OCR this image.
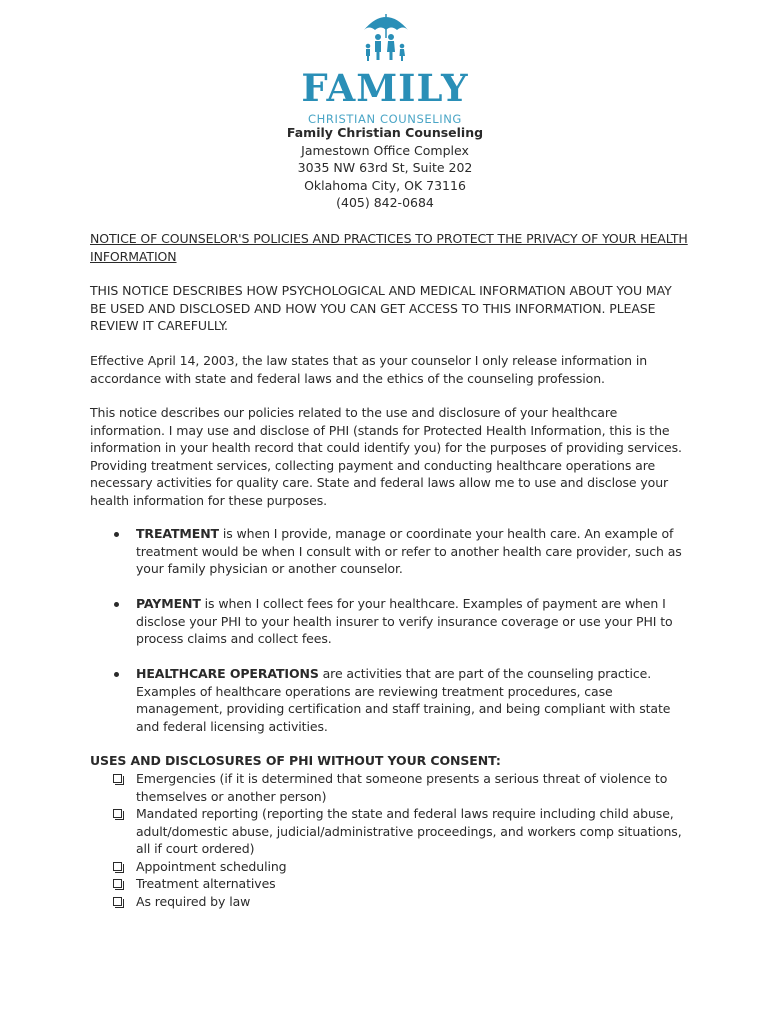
FAMILY
CHRISTIAN COUNSELING
Family Christian Counseling
Jamestown Office Complex
3035 NW 63rd St, Suite 202
Oklahoma City, OK 73116
(405) 842-0684
NOTICE OF COUNSELOR'S POLICIES AND PRACTICES TO PROTECT THE PRIVACY OF YOUR HEALTH INFORMATION
THIS NOTICE DESCRIBES HOW PSYCHOLOGICAL AND MEDICAL INFORMATION ABOUT YOU MAY BE USED AND DISCLOSED AND HOW YOU CAN GET ACCESS TO THIS INFORMATION. PLEASE REVIEW IT CAREFULLY.
Effective April 14, 2003, the law states that as your counselor I only release information in accordance with state and federal laws and the ethics of the counseling profession.
This notice describes our policies related to the use and disclosure of your healthcare information. I may use and disclose of PHI (stands for Protected Health Information, this is the information in your health record that could identify you) for the purposes of providing services. Providing treatment services, collecting payment and conducting healthcare operations are necessary activities for quality care. State and federal laws allow me to use and disclose your health information for these purposes.
TREATMENT is when I provide, manage or coordinate your health care. An example of treatment would be when I consult with or refer to another health care provider, such as your family physician or another counselor.
PAYMENT is when I collect fees for your healthcare. Examples of payment are when I disclose your PHI to your health insurer to verify insurance coverage or use your PHI to process claims and collect fees.
HEALTHCARE OPERATIONS are activities that are part of the counseling practice. Examples of healthcare operations are reviewing treatment procedures, case management, providing certification and staff training, and being compliant with state and federal licensing activities.
USES AND DISCLOSURES OF PHI WITHOUT YOUR CONSENT:
Emergencies (if it is determined that someone presents a serious threat of violence to themselves or another person)
Mandated reporting (reporting the state and federal laws require including child abuse, adult/domestic abuse, judicial/administrative proceedings, and workers comp situations, all if court ordered)
Appointment scheduling
Treatment alternatives
As required by law
